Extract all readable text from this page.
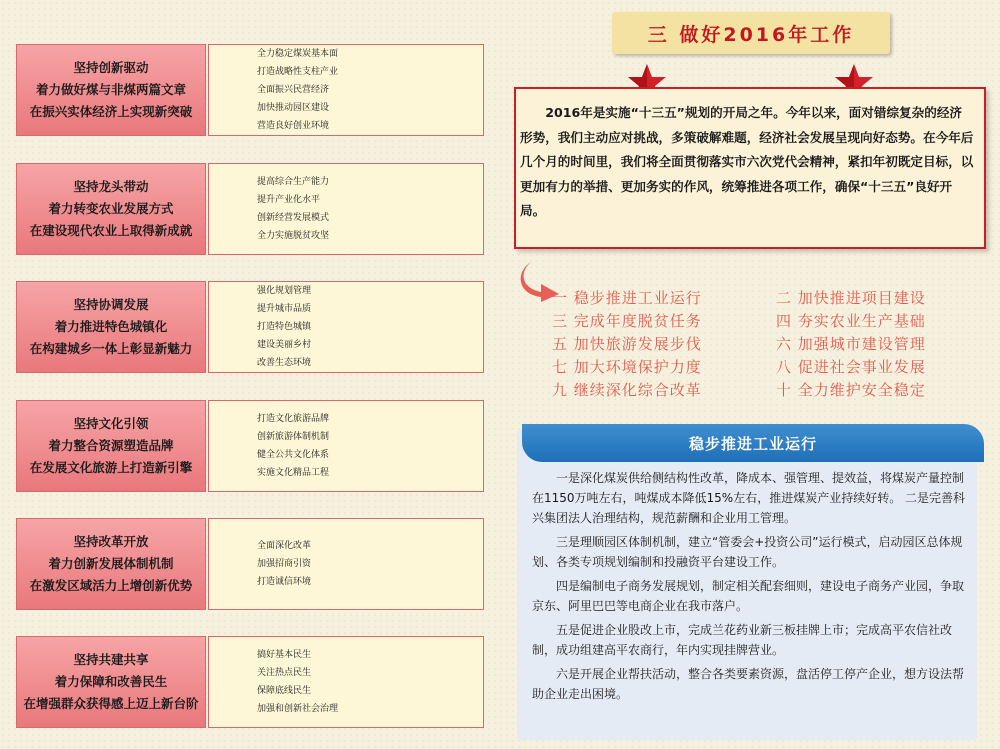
坚持创新驱动
着力做好煤与非煤两篇文章
在振兴实体经济上实现新突破
全力稳定煤炭基本面
打造战略性支柱产业
全面振兴民营经济
加快推动园区建设
营造良好创业环境
坚持龙头带动
着力转变农业发展方式
在建设现代农业上取得新成就
提高综合生产能力
提升产业化水平
创新经营发展模式
全力实施脱贫攻坚
坚持协调发展
着力推进特色城镇化
在构建城乡一体上彰显新魅力
强化规划管理
提升城市品质
打造特色城镇
建设美丽乡村
改善生态环境
坚持文化引领
着力整合资源塑造品牌
在发展文化旅游上打造新引擎
打造文化旅游品牌
创新旅游体制机制
健全公共文化体系
实施文化精品工程
坚持改革开放
着力创新发展体制机制
在激发区域活力上增创新优势
全面深化改革
加强招商引资
打造诚信环境
坚持共建共享
着力保障和改善民生
在增强群众获得感上迈上新台阶
搞好基本民生
关注热点民生
保障底线民生
加强和创新社会治理
三 做好2016年工作
2016年是实施“十三五”规划的开局之年。今年以来，面对错综复杂的经济形势，我们主动应对挑战，多策破解难题，经济社会发展呈现向好态势。在今年后几个月的时间里，我们将全面贯彻落实市六次党代会精神，紧扣年初既定目标，以更加有力的举措、更加务实的作风，统筹推进各项工作，确保“十三五”良好开局。
一 稳步推进工业运行
三 完成年度脱贫任务
五 加快旅游发展步伐
七 加大环境保护力度
九 继续深化综合改革
二 加快推进项目建设
四 夯实农业生产基础
六 加强城市建设管理
八 促进社会事业发展
十 全力维护安全稳定
稳步推进工业运行

一是深化煤炭供给侧结构性改革，降成本、强管理、提效益，将煤炭产量控制在1150万吨左右，吨煤成本降低15%左右，推进煤炭产业持续好转。 二是完善科兴集团法人治理结构，规范薪酬和企业用工管理。

三是理顺园区体制机制，建立“管委会+投资公司”运行模式，启动园区总体规划、各类专项规划编制和投融资平台建设工作。

四是编制电子商务发展规划，制定相关配套细则，建设电子商务产业园，争取京东、阿里巴巴等电商企业在我市落户。

五是促进企业股改上市，完成兰花药业新三板挂牌上市；完成高平农信社改制，成功组建高平农商行，年内实现挂牌营业。

六是开展企业帮扶活动，整合各类要素资源，盘活停工停产企业，想方设法帮助企业走出困境。
